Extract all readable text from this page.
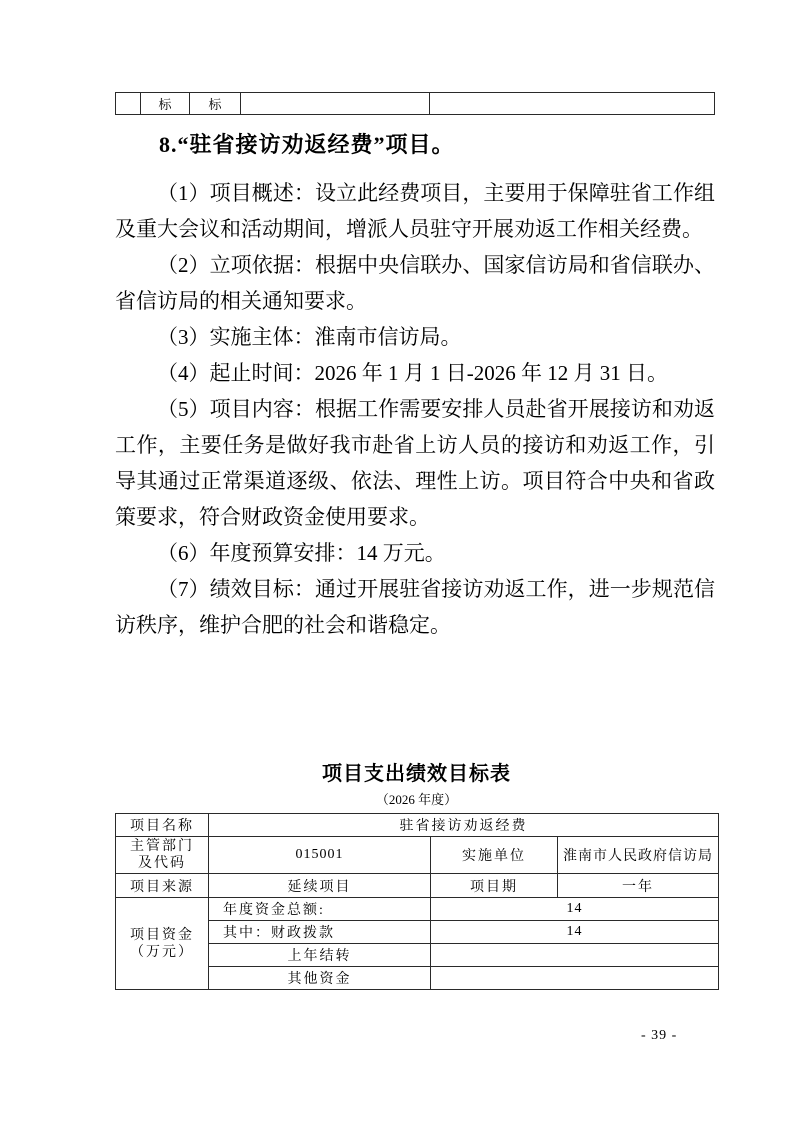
	标	标		
8.“驻省接访劝返经费”项目。

（1）项目概述：设立此经费项目，主要用于保障驻省工作组及重大会议和活动期间，增派人员驻守开展劝返工作相关经费。

（2）立项依据：根据中央信联办、国家信访局和省信联办、省信访局的相关通知要求。

（3）实施主体：淮南市信访局。

（4）起止时间：2026 年 1 月 1 日-2026 年 12 月 31 日。

（5）项目内容：根据工作需要安排人员赴省开展接访和劝返工作，主要任务是做好我市赴省上访人员的接访和劝返工作，引导其通过正常渠道逐级、依法、理性上访。项目符合中央和省政策要求，符合财政资金使用要求。

（6）年度预算安排：14 万元。

（7）绩效目标：通过开展驻省接访劝返工作，进一步规范信访秩序，维护合肥的社会和谐稳定。

项目支出绩效目标表
（2026 年度）
项目名称	驻省接访劝返经费		

主管部门
及代码	015001	实施单位	淮南市人民政府信访局
项目来源	延续项目	项目期	一年

项目资金
（万元）	年度资金总额:	14	
	其中：财政拨款	14	
	上年结转		
	其他资金		
- 39 -
